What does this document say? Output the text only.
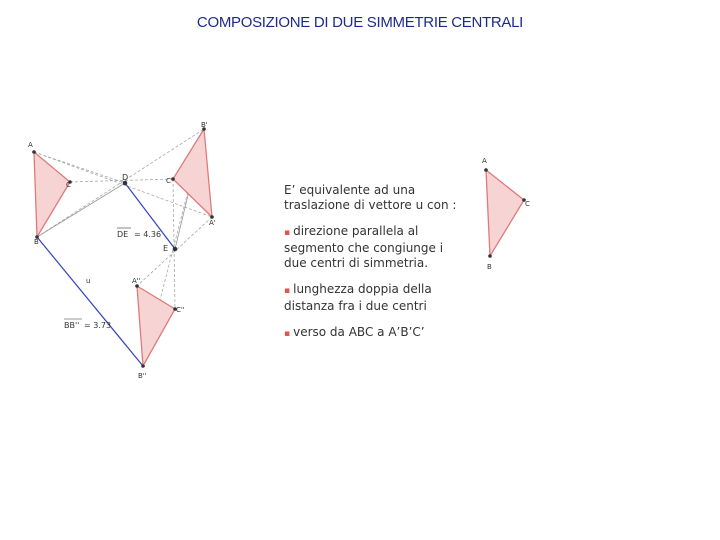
COMPOSIZIONE DI DUE SIMMETRIE CENTRALI
A
C
B
D
E
A'
B'
C'
A''
C''
B''
A
C
B
u
DE = 4.36
BB'' = 3.73

E’ equivalente ad una traslazione di vettore u con :

▪ direzione parallela al segmento che congiunge i due centri di simmetria.

▪ lunghezza doppia della distanza fra i due centri

▪ verso da ABC a A’B’C’
